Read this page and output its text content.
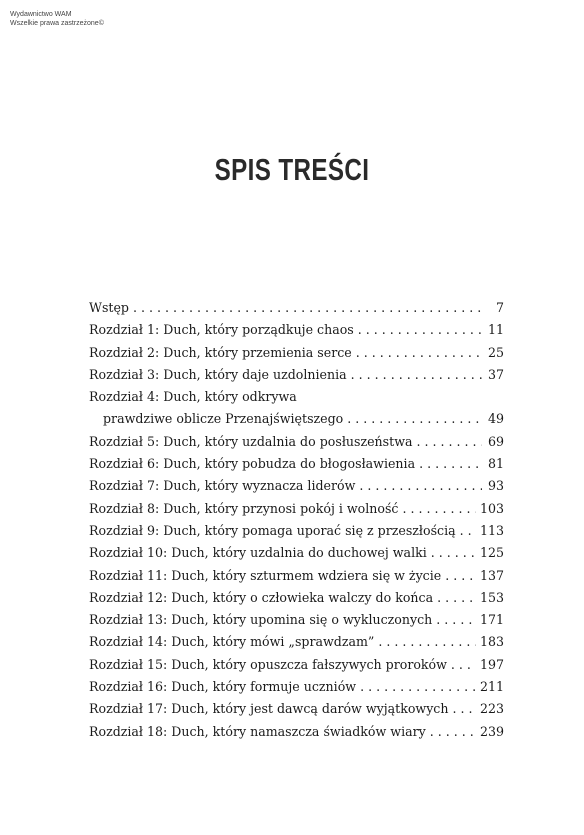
Wydawnictwo WAM
Wszelkie prawa zastrzeżone©
SPIS TREŚCI
Wstęp . . .	7
Rozdział 1: Duch, który porządkuje chaos . . .	11
Rozdział 2: Duch, który przemienia serce . . .	25
Rozdział 3: Duch, który daje uzdolnienia . . .	37
Rozdział 4: Duch, który odkrywa
prawdziwe oblicze Przenajświętszego . . .	49
Rozdział 5: Duch, który uzdalnia do posłuszeństwa . . .	69
Rozdział 6: Duch, który pobudza do błogosławienia . . .	81
Rozdział 7: Duch, który wyznacza liderów . . .	93
Rozdział 8: Duch, który przynosi pokój i wolność . . .	103
Rozdział 9: Duch, który pomaga uporać się z przeszłością . . . 113
Rozdział 10: Duch, który uzdalnia do duchowej walki . . .	125
Rozdział 11: Duch, który szturmem wdziera się w życie . . .	137
Rozdział 12: Duch, który o człowieka walczy do końca . . .	153
Rozdział 13: Duch, który upomina się o wykluczonych . . .	171
Rozdział 14: Duch, który mówi „sprawdzam” . . .	183
Rozdział 15: Duch, który opuszcza fałszywych proroków . . .	197
Rozdział 16: Duch, który formuje uczniów . . .	211
Rozdział 17: Duch, który jest dawcą darów wyjątkowych . . . 223
Rozdział 18: Duch, który namaszcza świadków wiary . . .	239
